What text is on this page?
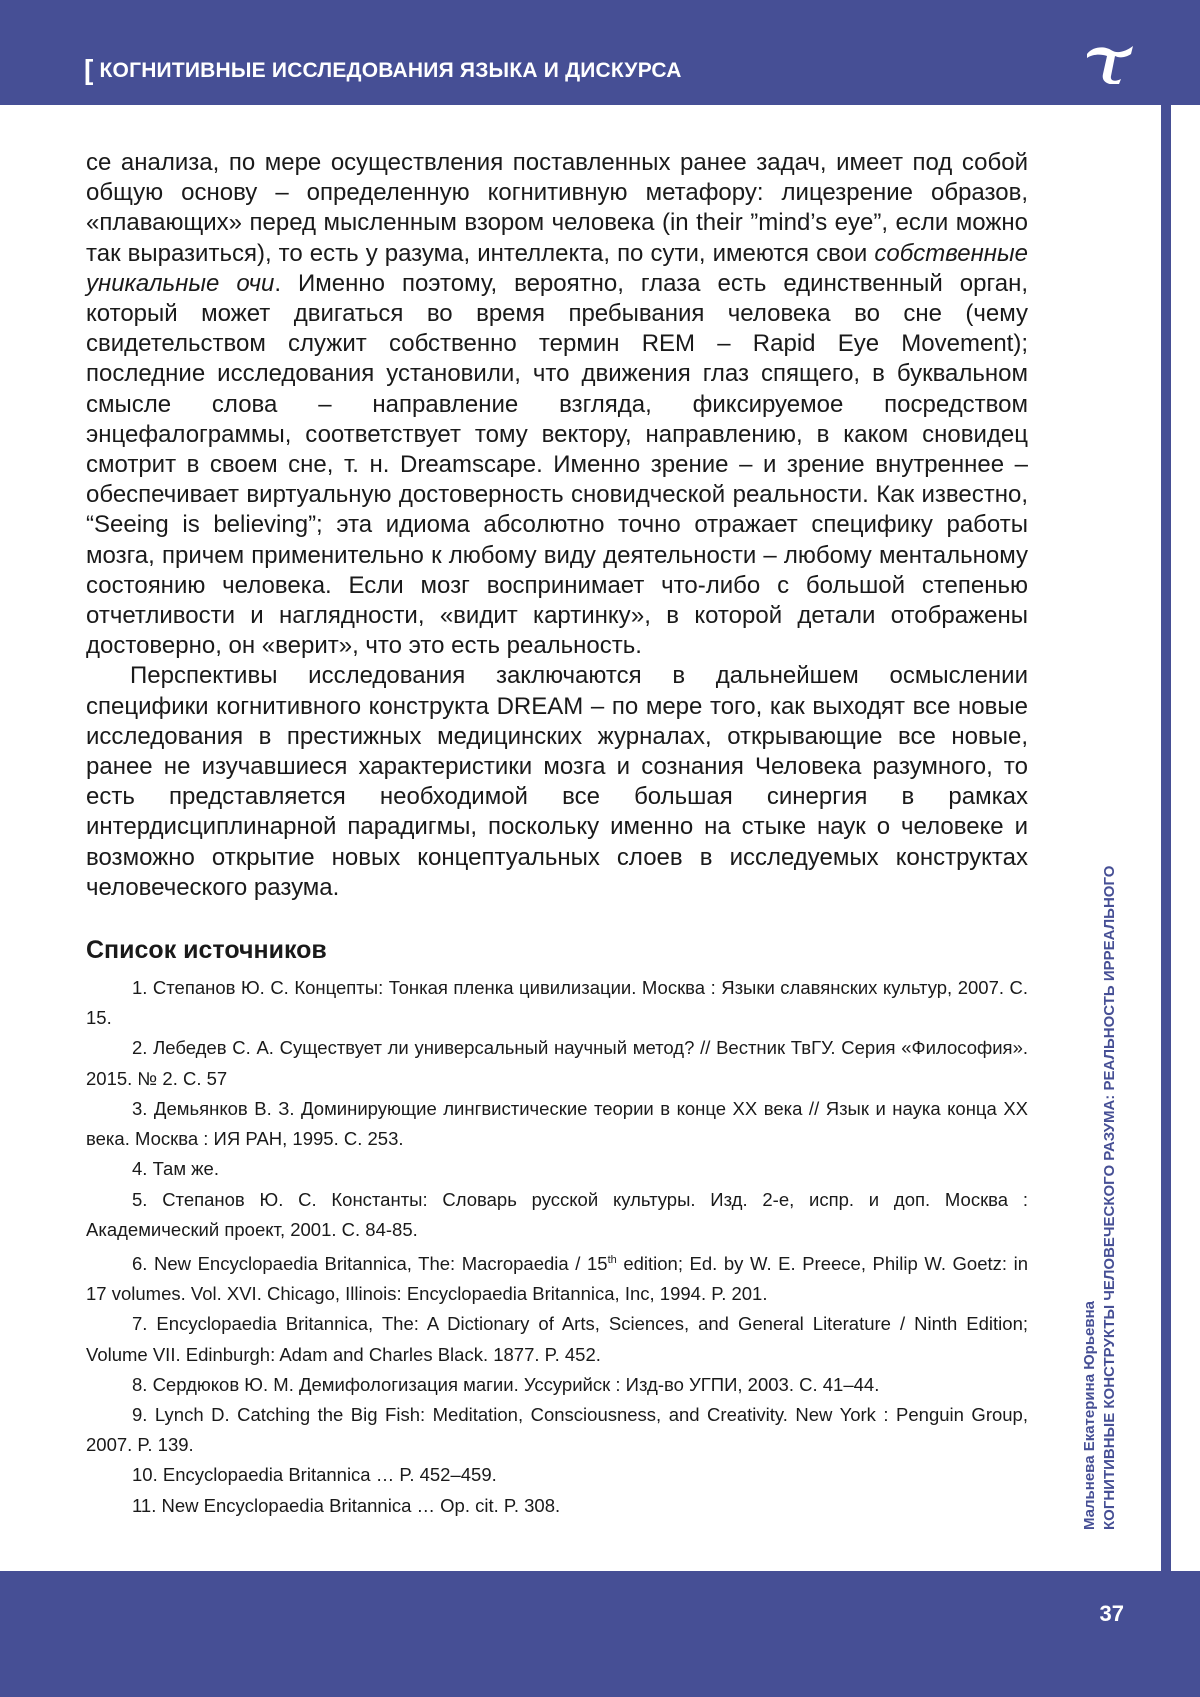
[ КОГНИТИВНЫЕ ИССЛЕДОВАНИЯ ЯЗЫКА И ДИСКУРСА
Мальнева Екатерина Юрьевна КОГНИТИВНЫЕ КОНСТРУКТЫ ЧЕЛОВЕЧЕСКОГО РАЗУМА: РЕАЛЬНОСТЬ ИРРЕАЛЬНОГО

се анализа, по мере осуществления поставленных ранее задач, имеет под собой общую основу – определенную когнитивную метафору: лицезрение образов, «плавающих» перед мысленным взором человека (in their ”mind’s eye”, если можно так выразиться), то есть у разума, интеллекта, по сути, имеются свои собственные уникальные очи. Именно поэтому, вероятно, глаза есть единственный орган, который может двигаться во время пребывания человека во сне (чему свидетельством служит собственно термин REM – Rapid Eye Movement); последние исследования установили, что движения глаз спящего, в буквальном смысле слова – направление взгляда, фиксируемое посредством энцефалограммы, соответствует тому вектору, направлению, в каком сновидец смотрит в своем сне, т. н. Dreamscape. Именно зрение – и зрение внутреннее – обеспечивает виртуальную достоверность сновидческой реальности. Как известно, “Seeing is believing”; эта идиома абсолютно точно отражает специфику работы мозга, причем применительно к любому виду деятельности – любому ментальному состоянию человека. Если мозг воспринимает что-либо с большой степенью отчетливости и наглядности, «видит картинку», в которой детали отображены достоверно, он «верит», что это есть реальность.

Перспективы исследования заключаются в дальнейшем осмыслении специфики когнитивного конструкта DREAM – по мере того, как выходят все новые исследования в престижных медицинских журналах, открывающие все новые, ранее не изучавшиеся характеристики мозга и сознания Человека разумного, то есть представляется необходимой все большая синергия в рамках интердисциплинарной парадигмы, поскольку именно на стыке наук о человеке и возможно открытие новых концептуальных слоев в исследуемых конструктах человеческого разума.

Список источников
1. Степанов Ю. С. Концепты: Тонкая пленка цивилизации. Москва : Языки славянских культур, 2007. С. 15.
2. Лебедев С. А. Существует ли универсальный научный метод? // Вестник ТвГУ. Серия «Философия». 2015. № 2. С. 57
3. Демьянков В. З. Доминирующие лингвистические теории в конце XX века // Язык и наука конца XX века. Москва : ИЯ РАН, 1995. С. 253.
4. Там же.
5. Степанов Ю. С. Константы: Словарь русской культуры. Изд. 2-е, испр. и доп. Москва : Академический проект, 2001. С. 84-85.
6. New Encyclopaedia Britannica, The: Macropaedia / 15th edition; Ed. by W. E. Preece, Philip W. Goetz: in 17 volumes. Vol. XVI. Chicago, Illinois: Encyclopaedia Britannica, Inc, 1994. P. 201.
7. Encyclopaedia Britannica, The: A Dictionary of Arts, Sciences, and General Literature / Ninth Edition; Volume VII. Edinburgh: Adam and Charles Black. 1877. P. 452.
8. Сердюков Ю. М. Демифологизация магии. Уссурийск : Изд-во УГПИ, 2003. С. 41–44.
9. Lynch D. Catching the Big Fish: Meditation, Consciousness, and Creativity. New York : Penguin Group, 2007. P. 139.
10. Encyclopaedia Britannica … P. 452–459.
11. New Encyclopaedia Britannica … Op. cit. P. 308.
37
